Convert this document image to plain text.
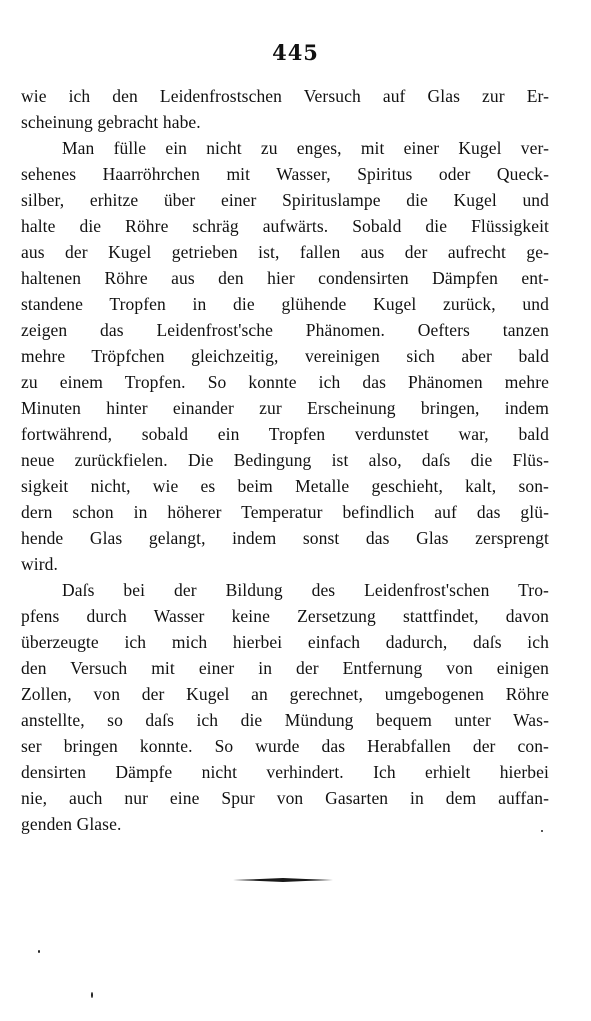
445
wie ich den Leidenfrostschen Versuch auf Glas zur Er-
scheinung gebracht habe.
Man fülle ein nicht zu enges, mit einer Kugel ver-
sehenes Haarröhrchen mit Wasser, Spiritus oder Queck-
silber, erhitze über einer Spirituslampe die Kugel und
halte die Röhre schräg aufwärts. Sobald die Flüssigkeit
aus der Kugel getrieben ist, fallen aus der aufrecht ge-
haltenen Röhre aus den hier condensirten Dämpfen ent-
standene Tropfen in die glühende Kugel zurück, und
zeigen das Leidenfrost'sche Phänomen. Oefters tanzen
mehre Tröpfchen gleichzeitig, vereinigen sich aber bald
zu einem Tropfen. So konnte ich das Phänomen mehre
Minuten hinter einander zur Erscheinung bringen, indem
fortwährend, sobald ein Tropfen verdunstet war, bald
neue zurückfielen. Die Bedingung ist also, daſs die Flüs-
sigkeit nicht, wie es beim Metalle geschieht, kalt, son-
dern schon in höherer Temperatur befindlich auf das glü-
hende Glas gelangt, indem sonst das Glas zersprengt
wird.
Daſs bei der Bildung des Leidenfrost'schen Tro-
pfens durch Wasser keine Zersetzung stattfindet, davon
überzeugte ich mich hierbei einfach dadurch, daſs ich
den Versuch mit einer in der Entfernung von einigen
Zollen, von der Kugel an gerechnet, umgebogenen Röhre
anstellte, so daſs ich die Mündung bequem unter Was-
ser bringen konnte. So wurde das Herabfallen der con-
densirten Dämpfe nicht verhindert. Ich erhielt hierbei
nie, auch nur eine Spur von Gasarten in dem auffan-
genden Glase.
